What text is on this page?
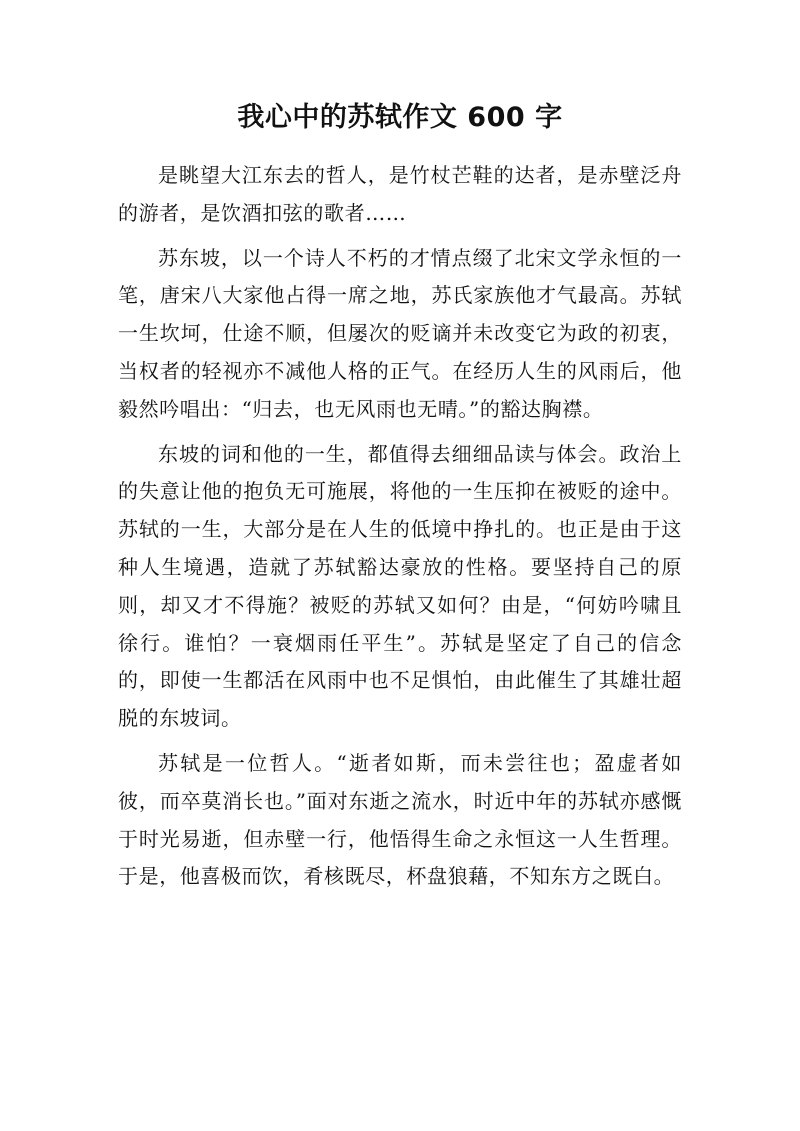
我心中的苏轼作文 600 字

是眺望大江东去的哲人，是竹杖芒鞋的达者，是赤壁泛舟的游者，是饮酒扣弦的歌者……

苏东坡，以一个诗人不朽的才情点缀了北宋文学永恒的一笔，唐宋八大家他占得一席之地，苏氏家族他才气最高。苏轼一生坎坷，仕途不顺，但屡次的贬谪并未改变它为政的初衷，当权者的轻视亦不减他人格的正气。在经历人生的风雨后，他毅然吟唱出：“归去，也无风雨也无晴。”的豁达胸襟。

东坡的词和他的一生，都值得去细细品读与体会。政治上的失意让他的抱负无可施展，将他的一生压抑在被贬的途中。苏轼的一生，大部分是在人生的低境中挣扎的。也正是由于这种人生境遇，造就了苏轼豁达豪放的性格。要坚持自己的原则，却又才不得施？被贬的苏轼又如何？由是，“何妨吟啸且徐行。谁怕？一衰烟雨任平生”。苏轼是坚定了自己的信念的，即使一生都活在风雨中也不足惧怕，由此催生了其雄壮超脱的东坡词。

苏轼是一位哲人。“逝者如斯，而未尝往也；盈虚者如彼，而卒莫消长也。”面对东逝之流水，时近中年的苏轼亦感慨于时光易逝，但赤壁一行，他悟得生命之永恒这一人生哲理。于是，他喜极而饮，肴核既尽，杯盘狼藉，不知东方之既白。
